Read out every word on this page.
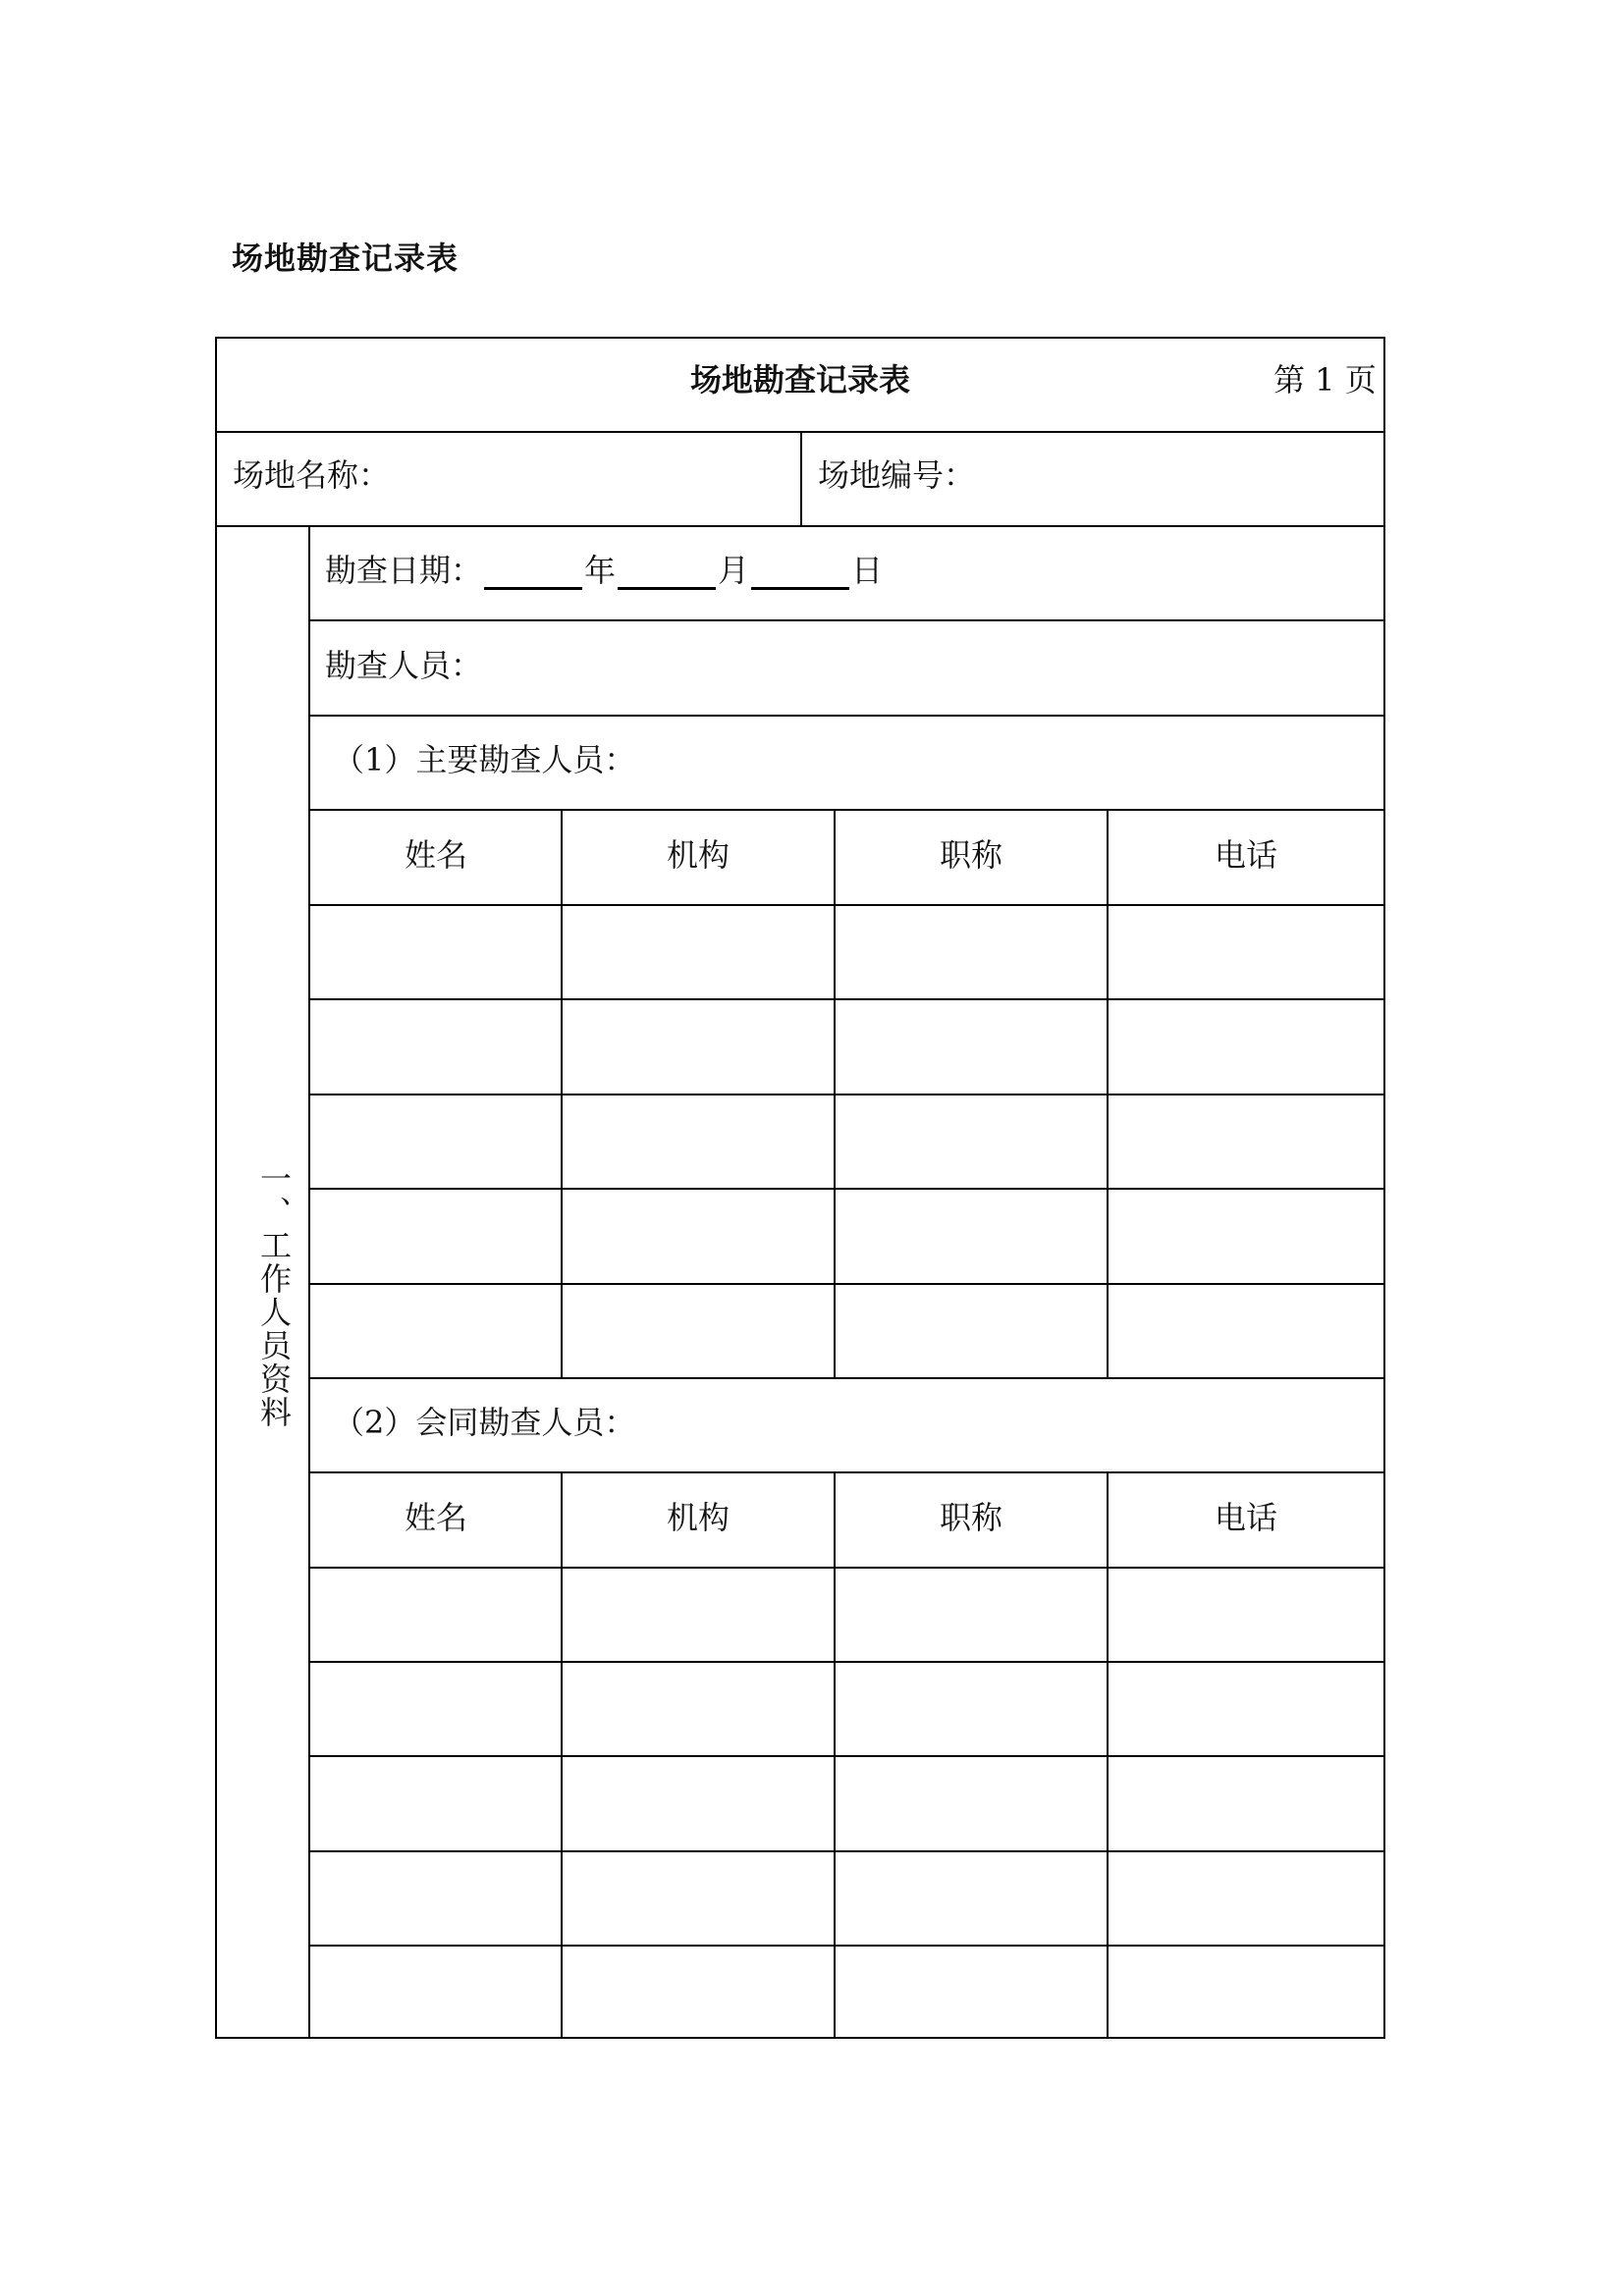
场地勘查记录表
场地勘查记录表	第 1 页
场地名称：	场地编号：
一、工作人员资料
勘查日期：	年	月	日
勘查人员：
（1）主要勘查人员：
姓名	机构	职称	电话
（2）会同勘查人员：
姓名	机构	职称	电话
